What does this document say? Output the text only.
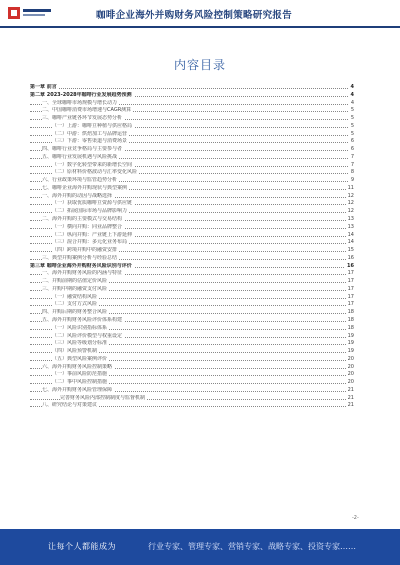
咖啡企业海外并购财务风险控制策略研究报告
内容目录
第一章 前言	4
第二章 2023-2028年咖啡行业发展趋势预测	4
一、全球咖啡市场规模与增长动力	4
二、中国咖啡消费市场增速与CAGR测算	5
三、咖啡产业链各环节发展态势分析	5
（一）上游：咖啡豆种植与供应格局	5
（二）中游：烘焙加工与品牌运营	5
（三）下游：零售渠道与消费场景	6
四、咖啡行业竞争格局与主要参与者	6
五、咖啡行业发展机遇与风险挑战	7
（一）数字化转型带来的新增长空间	7
（二）原材料价格波动与汇率变化风险	8
六、行业政策环境与监管趋势分析	9
七、咖啡企业海外并购现状与典型案例	11
一、海外并购的动因与战略选择	12
（一）获取优质咖啡豆资源与供应链	12
（二）拓展国际市场与品牌影响力	12
二、海外并购的主要模式与交易结构	13
（一）横向并购：同业品牌整合	13
（二）纵向并购：产业链上下游延伸	14
（三）混合并购：多元化业务布局	14
（四）跨境并购中的融资安排	15
三、典型并购案例分析与经验总结	16
第三章 咖啡企业海外并购财务风险识别与评价	16
一、海外并购财务风险的内涵与特征	17
二、并购前期的估值定价风险	17
三、并购中期的融资支付风险	17
（一）融资结构风险	17
（二）支付方式风险	17
四、并购后期的财务整合风险	18
五、海外并购财务风险评价体系构建	18
（一）风险识别指标体系	18
（二）风险评价模型与权重设定	19
（三）风险等级划分标准	19
（四）风险预警机制	19
（五）典型风险案例评价	20
六、海外并购财务风险控制策略	20
（一）事前风险防范措施	20
（二）事中风险控制措施	20
七、海外并购财务风险管理保障	21
完善财务风险内部控制制度与监督机制	21
八、研究结论与对策建议	21
-2-
让每个人都能成为	行业专家、管理专家、营销专家、战略专家、投资专家……
